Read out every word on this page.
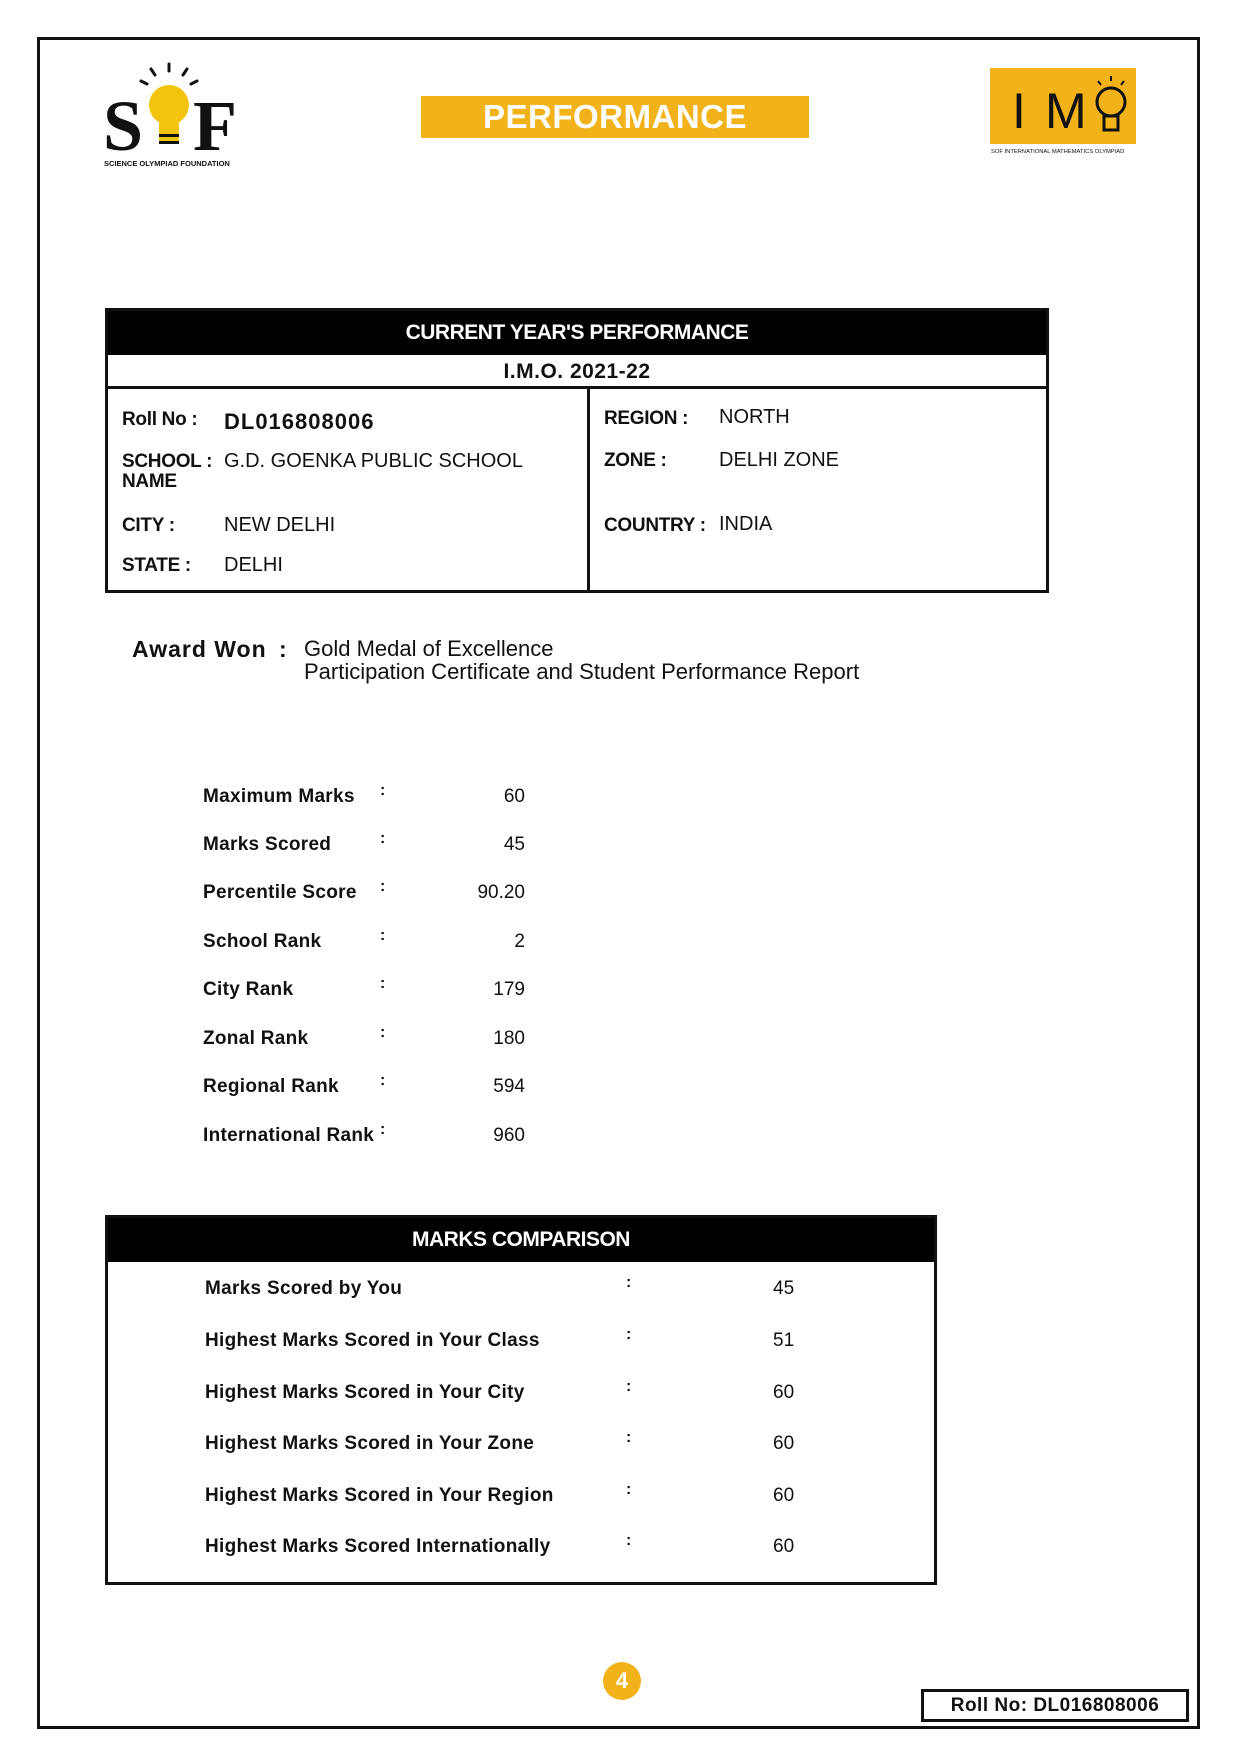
S F
SCIENCE OLYMPIAD FOUNDATION
PERFORMANCE ANALYSIS
I M
SOF INTERNATIONAL MATHEMATICS OLYMPIAD
CURRENT YEAR'S PERFORMANCE
I.M.O. 2021-22
Roll No : DL016808006
SCHOOL :
NAME
G.D. GOENKA PUBLIC SCHOOL
CITY : NEW DELHI
STATE : DELHI
REGION : NORTH
ZONE :	DELHI ZONE
COUNTRY : INDIA
Award Won : Gold Medal of Excellence
Participation Certificate and Student Performance Report
Maximum Marks :	60
Marks Scored	:	45
Percentile Score :	90.20
School Rank	:	2
City Rank	:	179
Zonal Rank	:	180
Regional Rank	:	594
International Rank :	960
MARKS COMPARISON
Marks Scored by You	:	45
Highest Marks Scored in Your Class	:	51
Highest Marks Scored in Your City	:	60
Highest Marks Scored in Your Zone	:	60
Highest Marks Scored in Your Region	:	60
Highest Marks Scored Internationally	:	60
4
Roll No: DL016808006
